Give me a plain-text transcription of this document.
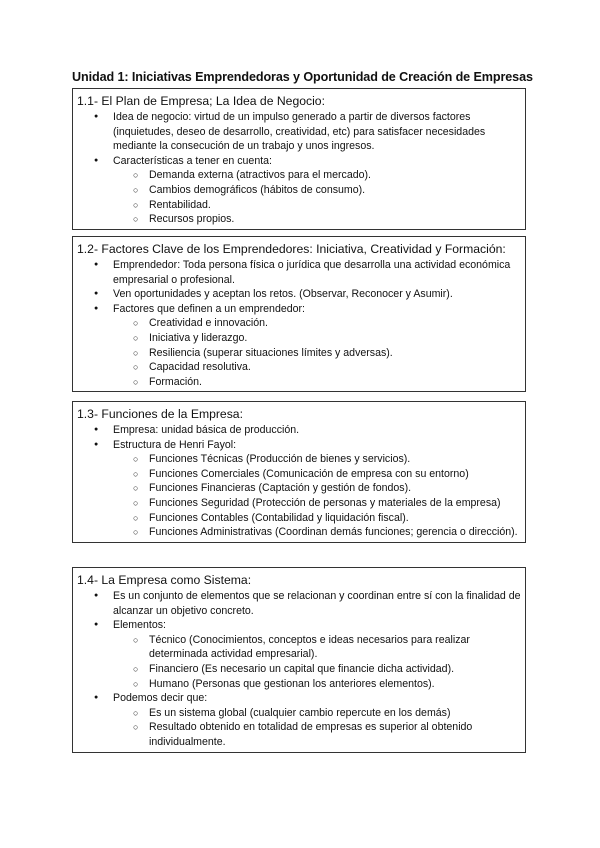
Unidad 1: Iniciativas Emprendedoras y Oportunidad de Creación de Empresas
1.1- El Plan de Empresa; La Idea de Negocio:
● Idea de negocio: virtud de un impulso generado a partir de diversos factores (inquietudes, deseo de desarrollo, creatividad, etc) para satisfacer necesidades mediante la consecución de un trabajo y unos ingresos.
● Características a tener en cuenta:
○ Demanda externa (atractivos para el mercado).
○ Cambios demográficos (hábitos de consumo).
○ Rentabilidad.
○ Recursos propios.
1.2- Factores Clave de los Emprendedores: Iniciativa, Creatividad y Formación:
● Emprendedor: Toda persona física o jurídica que desarrolla una actividad económica empresarial o profesional.
● Ven oportunidades y aceptan los retos. (Observar, Reconocer y Asumir).
● Factores que definen a un emprendedor:
○ Creatividad e innovación.
○ Iniciativa y liderazgo.
○ Resiliencia (superar situaciones límites y adversas).
○ Capacidad resolutiva.
○ Formación.
1.3- Funciones de la Empresa:
● Empresa: unidad básica de producción.
● Estructura de Henri Fayol:
○ Funciones Técnicas (Producción de bienes y servicios).
○ Funciones Comerciales (Comunicación de empresa con su entorno)
○ Funciones Financieras (Captación y gestión de fondos).
○ Funciones Seguridad (Protección de personas y materiales de la empresa)
○ Funciones Contables (Contabilidad y liquidación fiscal).
○ Funciones Administrativas (Coordinan demás funciones; gerencia o dirección).
1.4- La Empresa como Sistema:
● Es un conjunto de elementos que se relacionan y coordinan entre sí con la finalidad de alcanzar un objetivo concreto.
● Elementos:
○ Técnico (Conocimientos, conceptos e ideas necesarios para realizar determinada actividad empresarial).
○ Financiero (Es necesario un capital que financie dicha actividad).
○ Humano (Personas que gestionan los anteriores elementos).
● Podemos decir que:
○ Es un sistema global (cualquier cambio repercute en los demás)
○ Resultado obtenido en totalidad de empresas es superior al obtenido individualmente.
